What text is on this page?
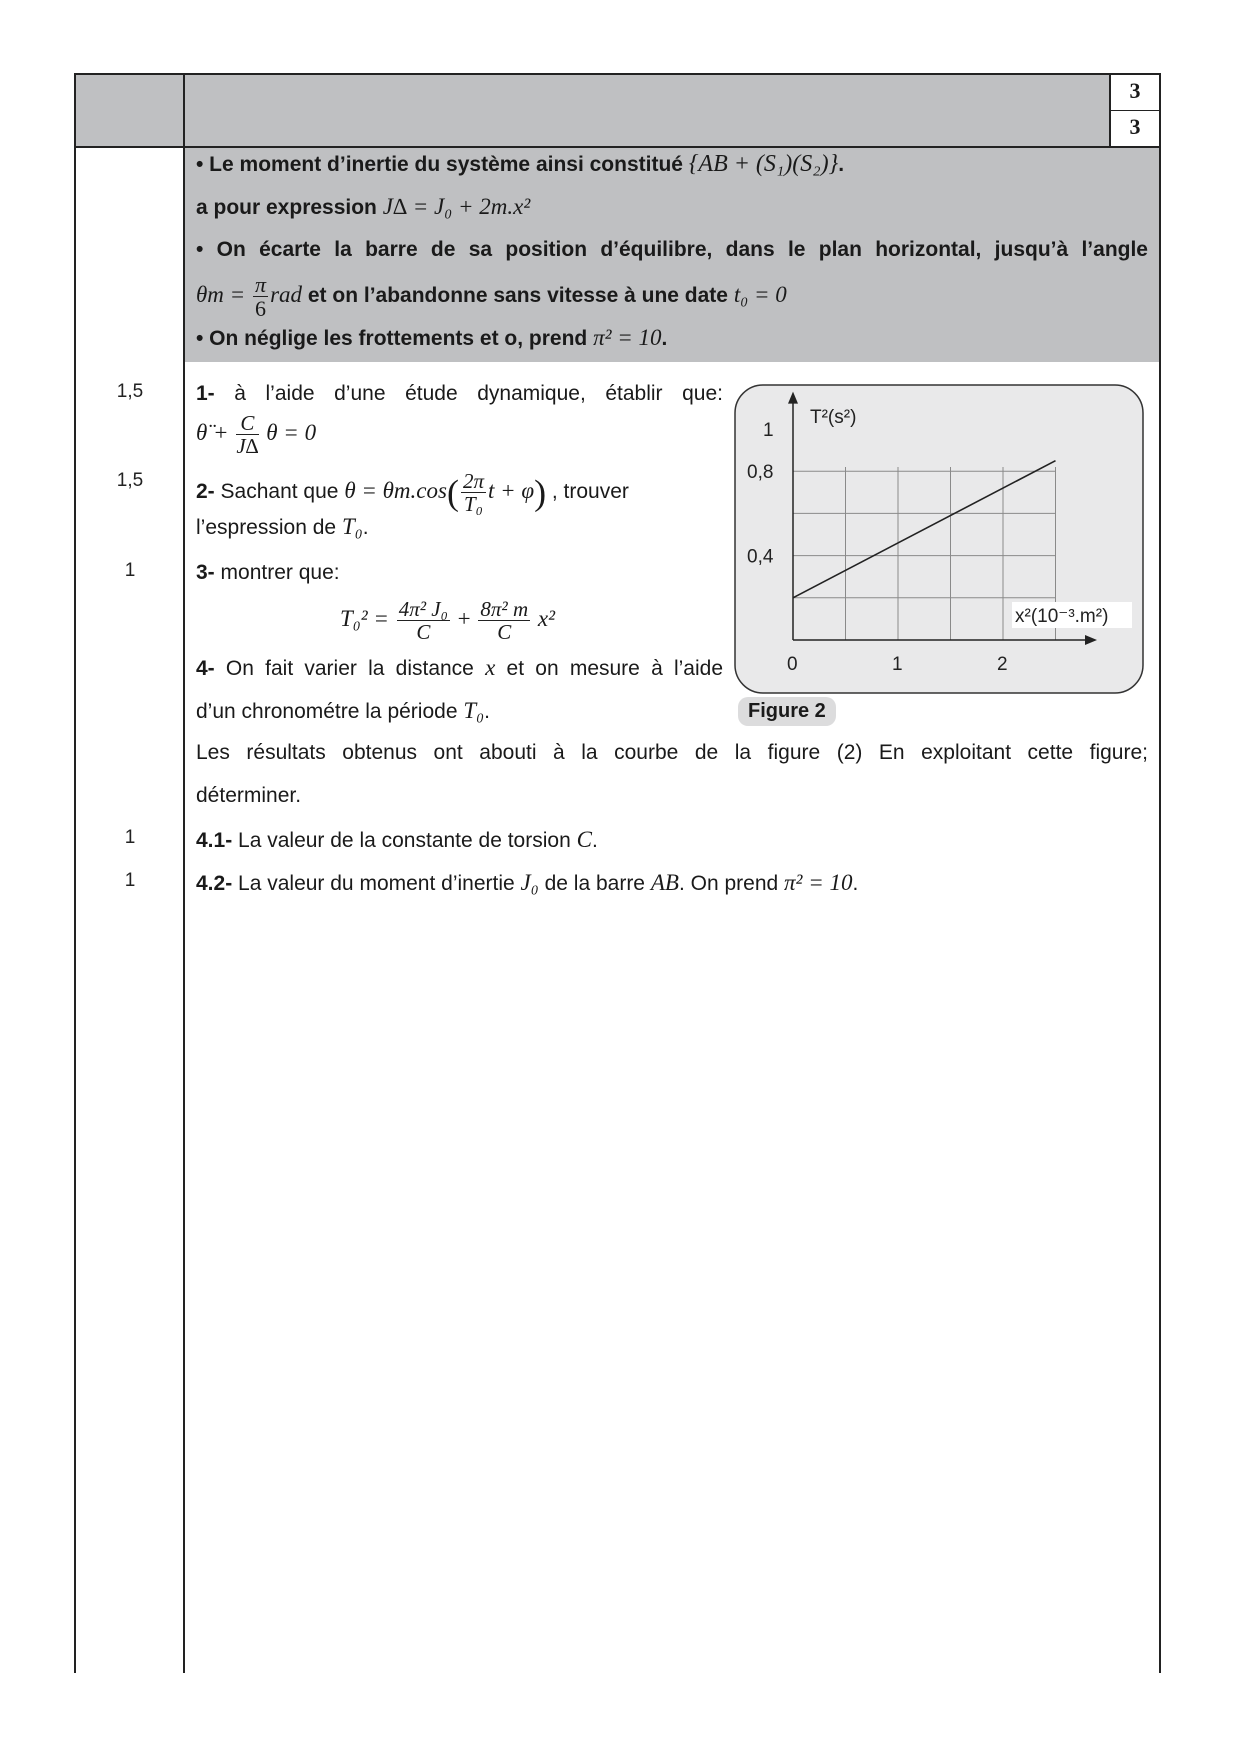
3
3
• Le moment d’inertie du système ainsi constitué {AB + (S₁)(S₂)}.
a pour expression J∆ = J₀ + 2m.x²
• On écarte la barre de sa position d’équilibre, dans le plan horizontal, jusqu’à l’angle
$\theta m = \frac{\pi}{6}$ rad et on l’abandonne sans vitesse à une date t₀ = 0
• On néglige les frottements et o, prend π² = 10.
1,5
1,5
1
1
1
1- à l’aide d’une étude dynamique, établir que:
θ̈ + $\frac{C}{J\Delta}$ θ = 0
2- Sachant que $\theta = \theta m.\cos( \frac{2\pi}{\text{T₀}}$ t + φ) , trouver
l’espression de T₀.
3- montrer que:
$T_0^2 = \frac{\text{4π² J₀}}{C} + \frac{\text{8π² m}}{C} x^2$
4- On fait varier la distance x et on mesure à l’aide
d’un chronométre la période T₀.
Les résultats obtenus ont abouti à la courbe de la figure (2) En exploitant cette figure;
déterminer.
4.1- La valeur de la constante de torsion C.
4.2- La valeur du moment d’inertie J₀ de la barre AB. On prend π² = 10.
0	1	2
0,4
0,8
1
x²(10⁻³.m²)
T²(s²)
Figure 2
